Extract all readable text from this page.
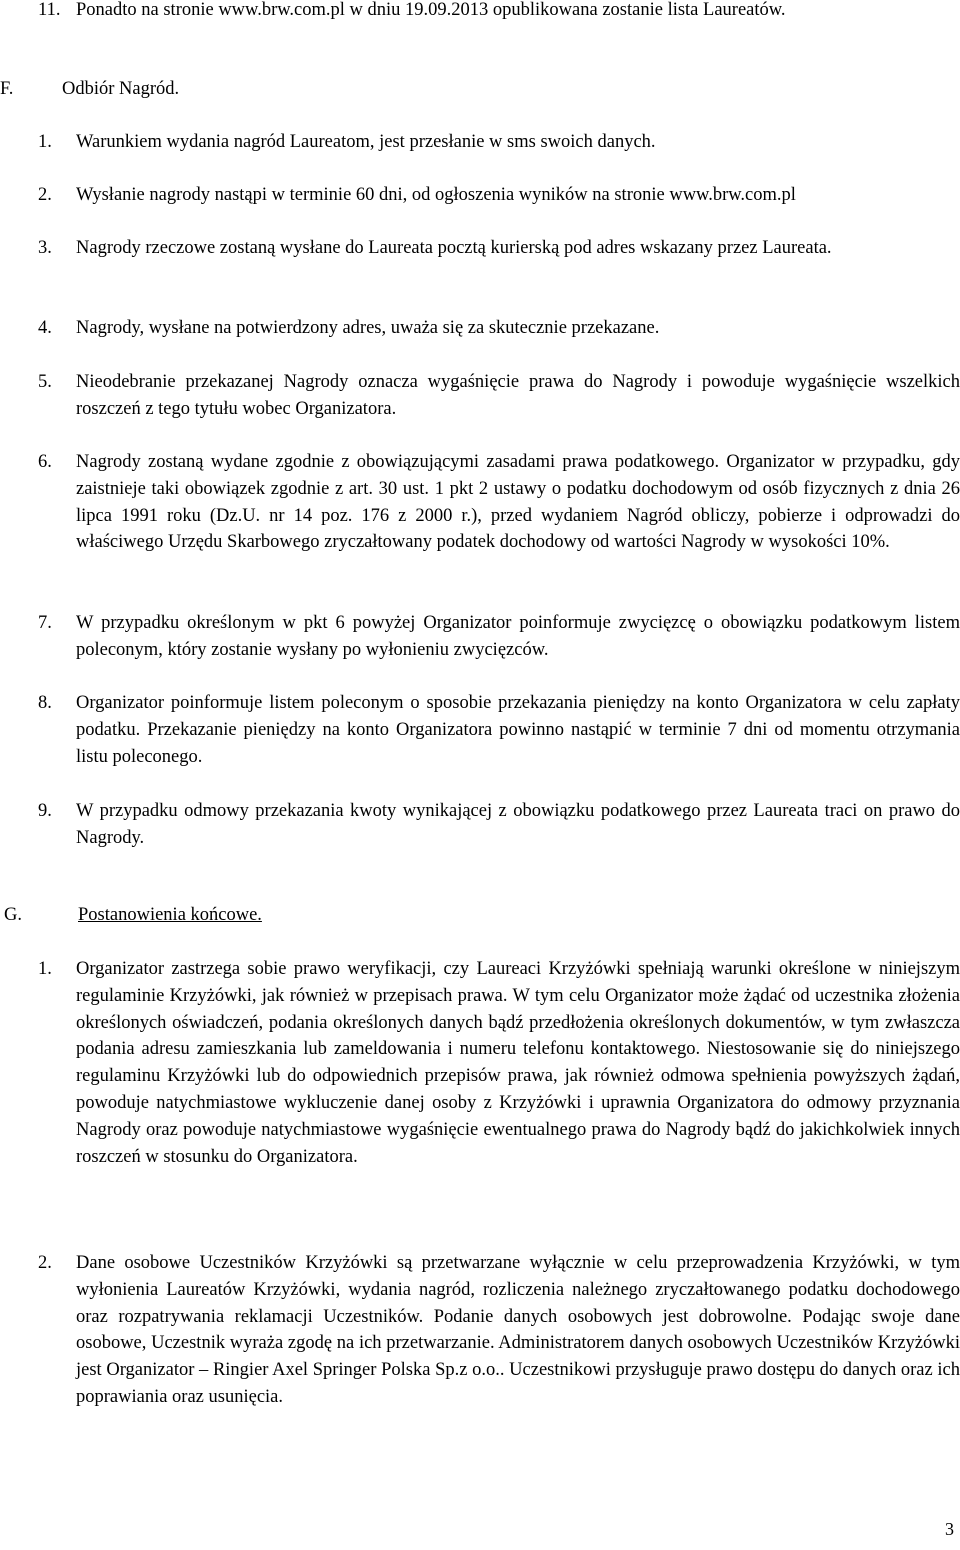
11. Ponadto na stronie www.brw.com.pl w dniu 19.09.2013 opublikowana zostanie lista Laureatów.
F.	Odbiór Nagród.
1.	Warunkiem wydania nagród Laureatom, jest przesłanie w sms swoich danych.
2.	Wysłanie nagrody nastąpi w terminie 60 dni, od ogłoszenia wyników na stronie www.brw.com.pl
3.	Nagrody rzeczowe zostaną wysłane do Laureata pocztą kurierską pod adres wskazany przez Laureata.
4.	Nagrody, wysłane na potwierdzony adres, uważa się za skutecznie przekazane.
5.	Nieodebranie przekazanej Nagrody oznacza wygaśnięcie prawa do Nagrody i powoduje wygaśnięcie wszelkich roszczeń z tego tytułu wobec Organizatora.
6.	Nagrody zostaną wydane zgodnie z obowiązującymi zasadami prawa podatkowego. Organizator w przypadku, gdy zaistnieje taki obowiązek zgodnie z art. 30 ust. 1 pkt 2 ustawy o podatku dochodowym od osób fizycznych z dnia 26 lipca 1991 roku (Dz.U. nr 14 poz. 176 z 2000 r.), przed wydaniem Nagród obliczy, pobierze i odprowadzi do właściwego Urzędu Skarbowego zryczałtowany podatek dochodowy od wartości Nagrody w wysokości 10%.
7.	W przypadku określonym w pkt 6 powyżej Organizator poinformuje zwycięzcę o obowiązku podatkowym listem poleconym, który zostanie wysłany po wyłonieniu zwycięzców.
8.	Organizator poinformuje listem poleconym o sposobie przekazania pieniędzy na konto Organizatora w celu zapłaty podatku. Przekazanie pieniędzy na konto Organizatora powinno nastąpić w terminie 7 dni od momentu otrzymania listu poleconego.
9.	W przypadku odmowy przekazania kwoty wynikającej z obowiązku podatkowego przez Laureata traci on prawo do Nagrody.
G.	Postanowienia końcowe.
1.	Organizator zastrzega sobie prawo weryfikacji, czy Laureaci Krzyżówki spełniają warunki określone w niniejszym regulaminie Krzyżówki, jak również w przepisach prawa. W tym celu Organizator może żądać od uczestnika złożenia określonych oświadczeń, podania określonych danych bądź przedłożenia określonych dokumentów, w tym zwłaszcza podania adresu zamieszkania lub zameldowania i numeru telefonu kontaktowego. Niestosowanie się do niniejszego regulaminu Krzyżówki lub do odpowiednich przepisów prawa, jak również odmowa spełnienia powyższych żądań, powoduje natychmiastowe wykluczenie danej osoby z Krzyżówki i uprawnia Organizatora do odmowy przyznania Nagrody oraz powoduje natychmiastowe wygaśnięcie ewentualnego prawa do Nagrody bądź do jakichkolwiek innych roszczeń w stosunku do Organizatora.
2.	Dane osobowe Uczestników Krzyżówki są przetwarzane wyłącznie w celu przeprowadzenia Krzyżówki, w tym wyłonienia Laureatów Krzyżówki, wydania nagród, rozliczenia należnego zryczałtowanego podatku dochodowego oraz rozpatrywania reklamacji Uczestników. Podanie danych osobowych jest dobrowolne. Podając swoje dane osobowe, Uczestnik wyraża zgodę na ich przetwarzanie. Administratorem danych osobowych Uczestników Krzyżówki jest Organizator – Ringier Axel Springer Polska Sp.z o.o.. Uczestnikowi przysługuje prawo dostępu do danych oraz ich poprawiania oraz usunięcia.
3
